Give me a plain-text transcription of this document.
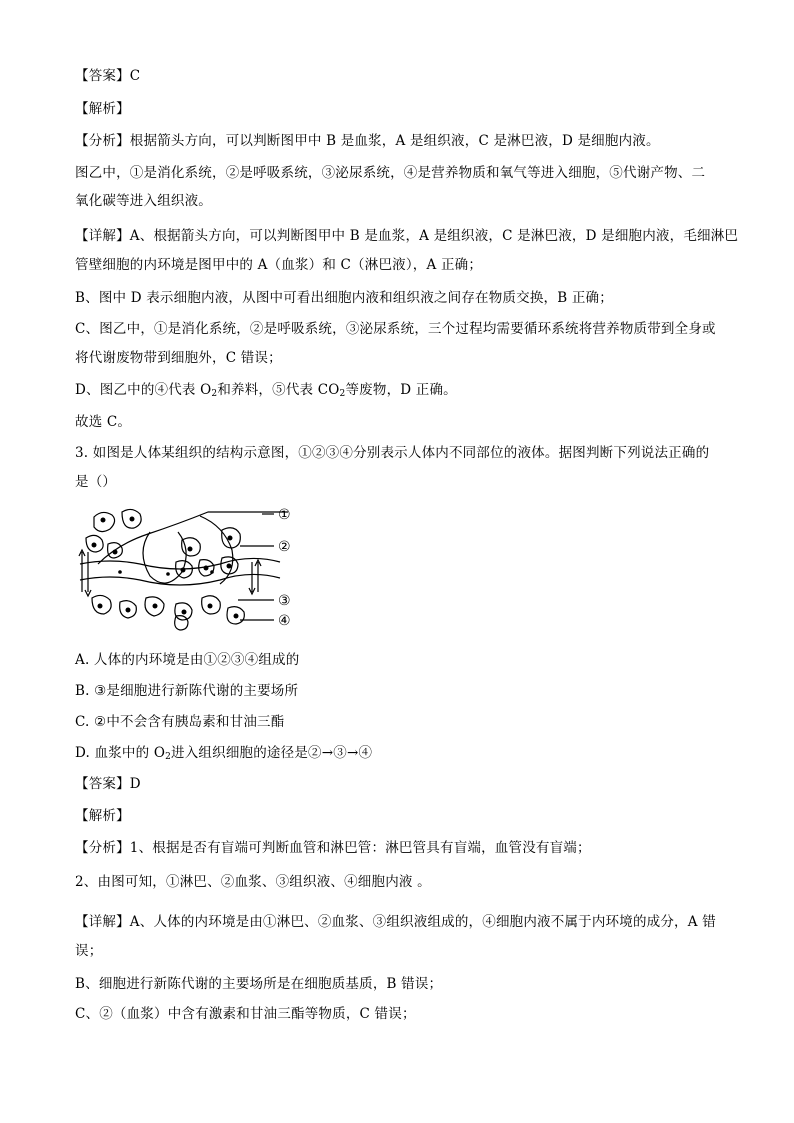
【答案】C
【解析】
【分析】根据箭头方向，可以判断图甲中 B 是血浆，A 是组织液，C 是淋巴液，D 是细胞内液。
图乙中，①是消化系统，②是呼吸系统，③泌尿系统，④是营养物质和氧气等进入细胞，⑤代谢产物、二
氧化碳等进入组织液。
【详解】A、根据箭头方向，可以判断图甲中 B 是血浆，A 是组织液，C 是淋巴液，D 是细胞内液，毛细淋巴
管壁细胞的内环境是图甲中的 A（血浆）和 C（淋巴液），A 正确；
B、图中 D 表示细胞内液，从图中可看出细胞内液和组织液之间存在物质交换，B 正确；
C、图乙中，①是消化系统，②是呼吸系统，③泌尿系统，三个过程均需要循环系统将营养物质带到全身或
将代谢废物带到细胞外，C 错误；
D、图乙中的④代表 $O_2$和养料，⑤代表 $CO_2$等废物，D 正确。
故选 C。
3. 如图是人体某组织的结构示意图，①②③④分别表示人体内不同部位的液体。据图判断下列说法正确的
是（）
①
②
③
④
A. 人体的内环境是由①②③④组成的
B. ③是细胞进行新陈代谢的主要场所
C. ②中不会含有胰岛素和甘油三酯
D. 血浆中的 $O_2$进入组织细胞的途径是②→③→④
【答案】D
【解析】
【分析】1、根据是否有盲端可判断血管和淋巴管：淋巴管具有盲端，血管没有盲端；
2、由图可知，①淋巴、②血浆、③组织液、④细胞内液 。
【详解】A、人体的内环境是由①淋巴、②血浆、③组织液组成的，④细胞内液不属于内环境的成分，A 错
误；
B、细胞进行新陈代谢的主要场所是在细胞质基质，B 错误；
C、②（血浆）中含有激素和甘油三酯等物质，C 错误；
